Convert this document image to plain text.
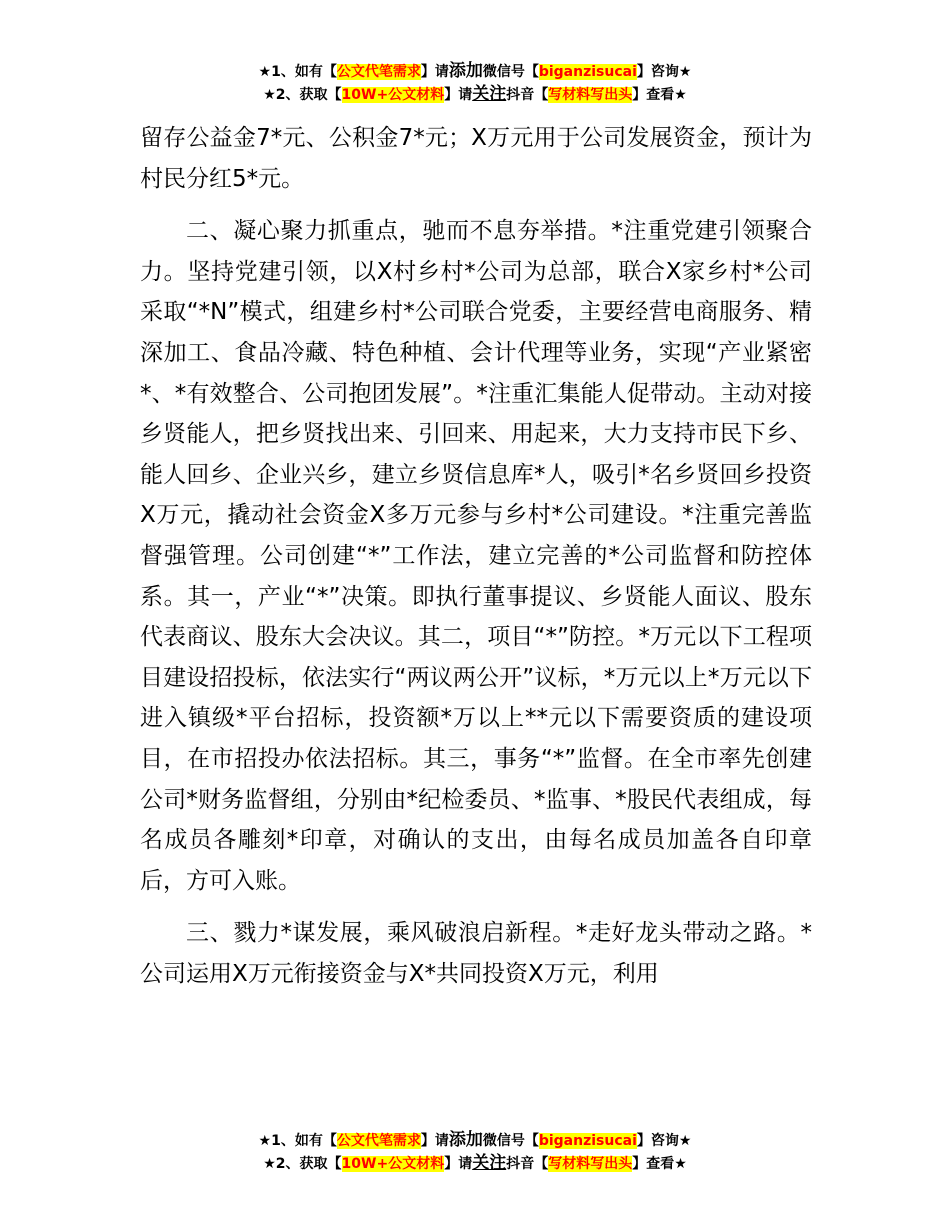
★1、如有【公文代笔需求】请添加微信号【biganzisucai】咨询★
★2、获取【10W+公文材料】请关注抖音【写材料写出头】查看★

留存公益金7*元、公积金7*元；X万元用于公司发展资金，预计为村民分红5*元。

二、凝心聚力抓重点，驰而不息夯举措。*注重党建引领聚合力。坚持党建引领，以X村乡村*公司为总部，联合X家乡村*公司采取“*N”模式，组建乡村*公司联合党委，主要经营电商服务、精深加工、食品冷藏、特色种植、会计代理等业务，实现“产业紧密*、*有效整合、公司抱团发展”。*注重汇集能人促带动。主动对接乡贤能人，把乡贤找出来、引回来、用起来，大力支持市民下乡、能人回乡、企业兴乡，建立乡贤信息库*人，吸引*名乡贤回乡投资X万元，撬动社会资金X多万元参与乡村*公司建设。*注重完善监督强管理。公司创建“*”工作法，建立完善的*公司监督和防控体系。其一，产业“*”决策。即执行董事提议、乡贤能人面议、股东代表商议、股东大会决议。其二，项目“*”防控。*万元以下工程项目建设招投标，依法实行“两议两公开”议标，*万元以上*万元以下进入镇级*平台招标，投资额*万以上**元以下需要资质的建设项目，在市招投办依法招标。其三，事务“*”监督。在全市率先创建公司*财务监督组，分别由*纪检委员、*监事、*股民代表组成，每名成员各雕刻*印章，对确认的支出，由每名成员加盖各自印章后，方可入账。

三、戮力*谋发展，乘风破浪启新程。*走好龙头带动之路。*公司运用X万元衔接资金与X*共同投资X万元，利用

★1、如有【公文代笔需求】请添加微信号【biganzisucai】咨询★
★2、获取【10W+公文材料】请关注抖音【写材料写出头】查看★
